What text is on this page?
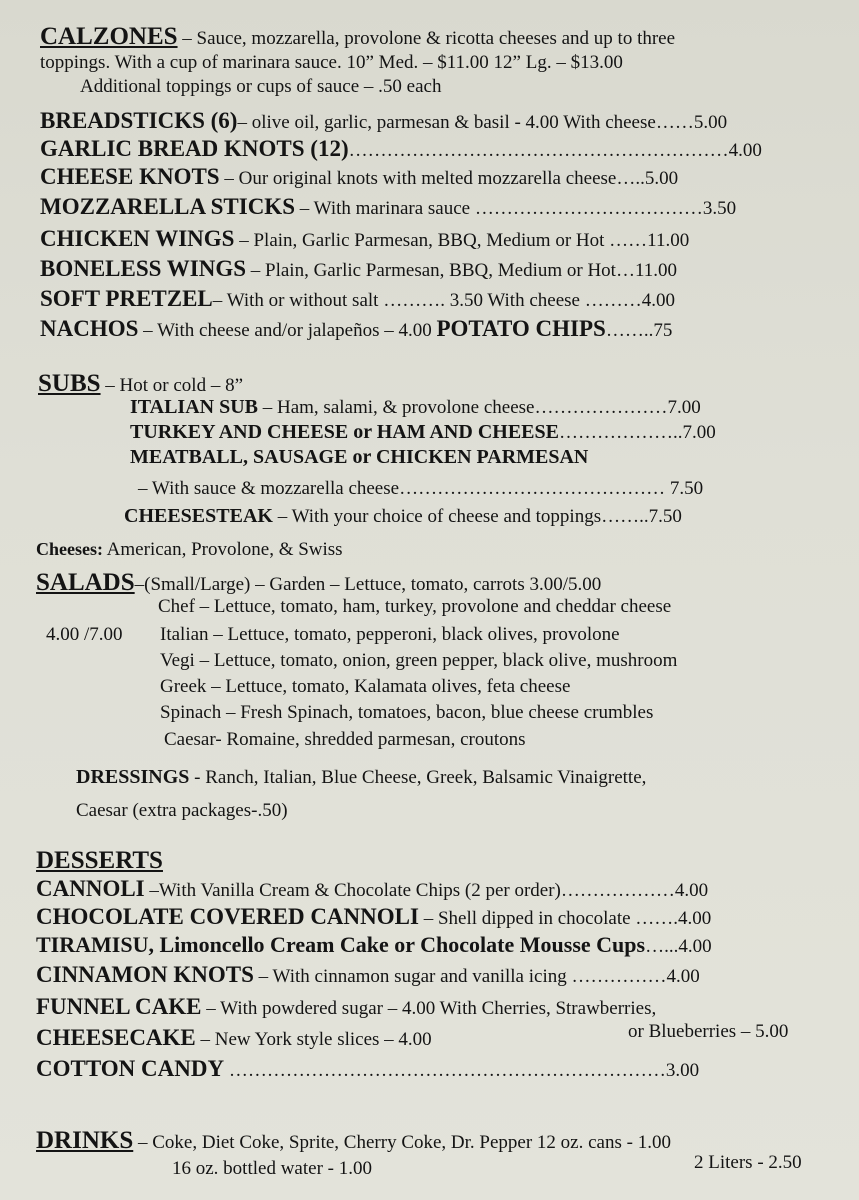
CALZONES – Sauce, mozzarella, provolone & ricotta cheeses and up to three
toppings. With a cup of marinara sauce. 10” Med. – $11.00 12” Lg. – $13.00
Additional toppings or cups of sauce – .50 each
BREADSTICKS (6)– olive oil, garlic, parmesan & basil - 4.00 With cheese……5.00
GARLIC BREAD KNOTS (12)……………………………………………………4.00
CHEESE KNOTS – Our original knots with melted mozzarella cheese…..5.00
MOZZARELLA STICKS – With marinara sauce ………………………………3.50
CHICKEN WINGS – Plain, Garlic Parmesan, BBQ, Medium or Hot ……11.00
BONELESS WINGS – Plain, Garlic Parmesan, BBQ, Medium or Hot…11.00
SOFT PRETZEL– With or without salt ………. 3.50 With cheese ………4.00
NACHOS – With cheese and/or jalapeños – 4.00 POTATO CHIPS……..75
SUBS – Hot or cold – 8”
ITALIAN SUB – Ham, salami, & provolone cheese…………………7.00
TURKEY AND CHEESE or HAM AND CHEESE………………..7.00
MEATBALL, SAUSAGE or CHICKEN PARMESAN
– With sauce & mozzarella cheese…………………………………… 7.50
CHEESESTEAK – With your choice of cheese and toppings……..7.50
Cheeses: American, Provolone, & Swiss
SALADS–(Small/Large) – Garden – Lettuce, tomato, carrots 3.00/5.00
Chef – Lettuce, tomato, ham, turkey, provolone and cheddar cheese
4.00 /7.00 Italian – Lettuce, tomato, pepperoni, black olives, provolone
Vegi – Lettuce, tomato, onion, green pepper, black olive, mushroom
Greek – Lettuce, tomato, Kalamata olives, feta cheese
Spinach – Fresh Spinach, tomatoes, bacon, blue cheese crumbles
Caesar- Romaine, shredded parmesan, croutons
DRESSINGS - Ranch, Italian, Blue Cheese, Greek, Balsamic Vinaigrette,
Caesar (extra packages-.50)
DESSERTS
CANNOLI –With Vanilla Cream & Chocolate Chips (2 per order)………………4.00
CHOCOLATE COVERED CANNOLI – Shell dipped in chocolate …….4.00
TIRAMISU, Limoncello Cream Cake or Chocolate Mousse Cups…...4.00
CINNAMON KNOTS – With cinnamon sugar and vanilla icing ……………4.00
FUNNEL CAKE – With powdered sugar – 4.00 With Cherries, Strawberries,
CHEESECAKE – New York style slices – 4.00	or Blueberries – 5.00
COTTON CANDY ……………………………………………………………3.00
DRINKS – Coke, Diet Coke, Sprite, Cherry Coke, Dr. Pepper 12 oz. cans - 1.00
16 oz. bottled water - 1.00	2 Liters - 2.50
